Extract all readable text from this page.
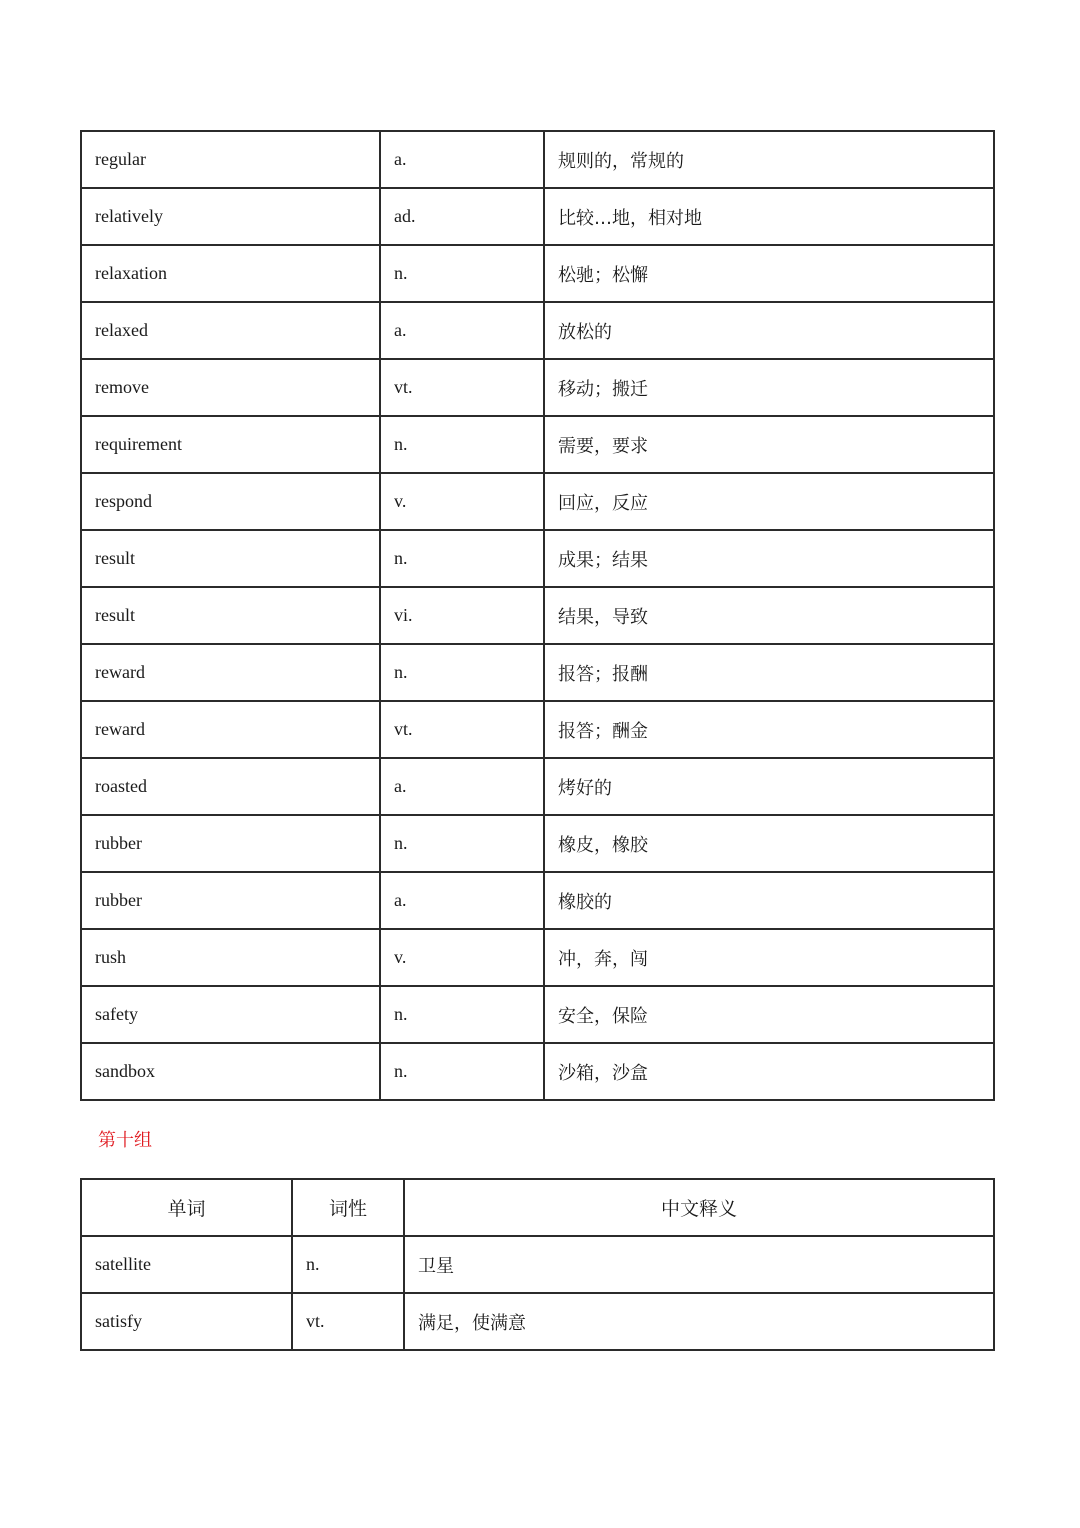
regular	a.	规则的，常规的
relatively	ad.	比较…地，相对地
relaxation	n.	松驰；松懈
relaxed	a.	放松的
remove	vt.	移动；搬迁
requirement	n.	需要，要求
respond	v.	回应，反应
result	n.	成果；结果
result	vi.	结果，导致
reward	n.	报答；报酬
reward	vt.	报答；酬金
roasted	a.	烤好的
rubber	n.	橡皮，橡胶
rubber	a.	橡胶的
rush	v.	冲，奔，闯
safety	n.	安全，保险
sandbox	n.	沙箱，沙盒
第十组
单词	词性	中文释义
satellite	n.	卫星
satisfy	vt.	满足，使满意
